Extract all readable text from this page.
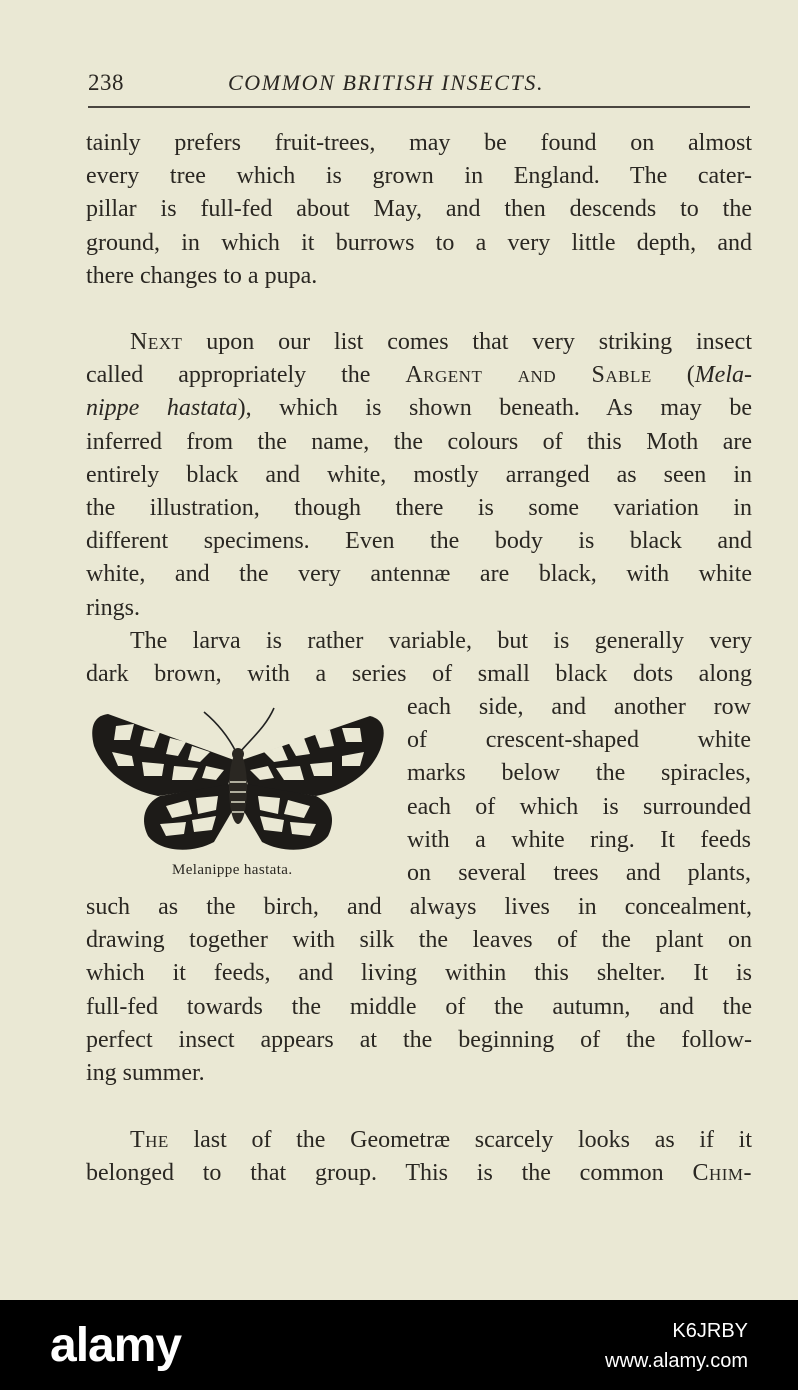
238	COMMON BRITISH INSECTS.
tainly prefers fruit-trees, may be found on almost
every tree which is grown in England. The cater-
pillar is full-fed about May, and then descends to the
ground, in which it burrows to a very little depth, and
there changes to a pupa.
Next upon our list comes that very striking insect
called appropriately the Argent and Sable (Mela-
nippe hastata), which is shown beneath. As may be
inferred from the name, the colours of this Moth are
entirely black and white, mostly arranged as seen in
the illustration, though there is some variation in
different specimens. Even the body is black and
white, and the very antennæ are black, with white
rings.
The larva is rather variable, but is generally very
dark brown, with a series of small black dots along
Melanippe hastata.
each side, and another row
of crescent-shaped white
marks below the spiracles,
each of which is surrounded
with a white ring. It feeds
on several trees and plants,
such as the birch, and always lives in concealment,
drawing together with silk the leaves of the plant on
which it feeds, and living within this shelter. It is
full-fed towards the middle of the autumn, and the
perfect insect appears at the beginning of the follow-
ing summer.
The last of the Geometræ scarcely looks as if it
belonged to that group. This is the common Chim-
alamy	K6JRBY
www.alamy.com
